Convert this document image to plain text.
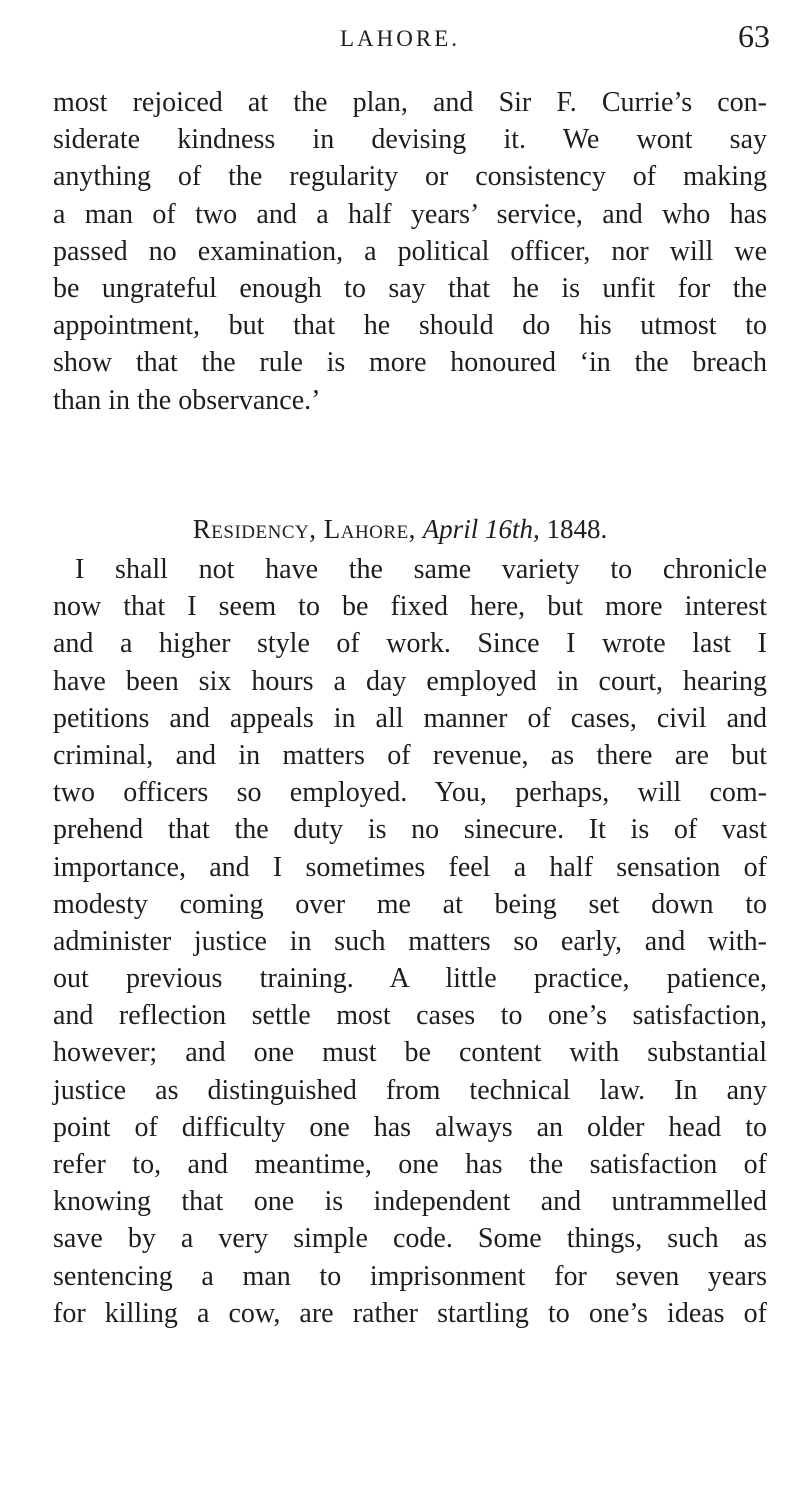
LAHORE.	63
most rejoiced at the plan, and Sir F. Currie’s con-
siderate kindness in devising it. We wont say
anything of the regularity or consistency of making
a man of two and a half years’ service, and who has
passed no examination, a political officer, nor will we
be ungrateful enough to say that he is unfit for the
appointment, but that he should do his utmost to
show that the rule is more honoured ‘in the breach
than in the observance.’
Residency, Lahore, April 16th, 1848.
I shall not have the same variety to chronicle
now that I seem to be fixed here, but more interest
and a higher style of work. Since I wrote last I
have been six hours a day employed in court, hearing
petitions and appeals in all manner of cases, civil and
criminal, and in matters of revenue, as there are but
two officers so employed. You, perhaps, will com-
prehend that the duty is no sinecure. It is of vast
importance, and I sometimes feel a half sensation of
modesty coming over me at being set down to
administer justice in such matters so early, and with-
out previous training. A little practice, patience,
and reflection settle most cases to one’s satisfaction,
however; and one must be content with substantial
justice as distinguished from technical law. In any
point of difficulty one has always an older head to
refer to, and meantime, one has the satisfaction of
knowing that one is independent and untrammelled
save by a very simple code. Some things, such as
sentencing a man to imprisonment for seven years
for killing a cow, are rather startling to one’s ideas of
